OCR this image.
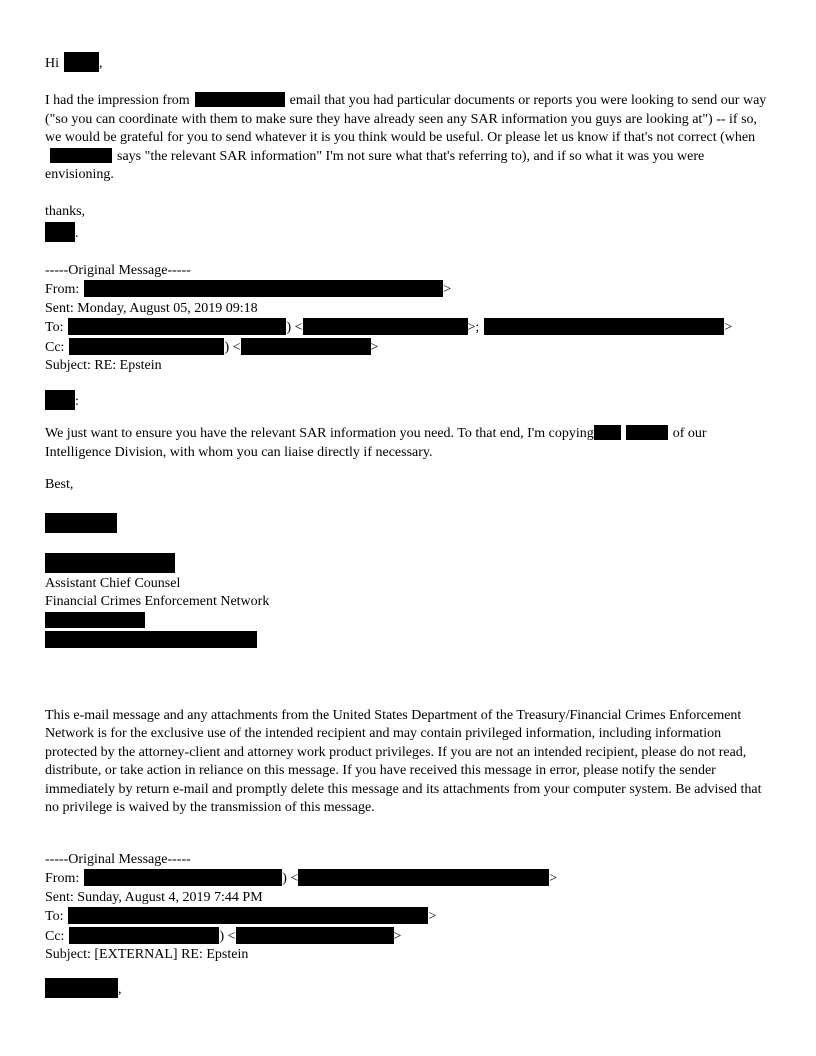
Hi	,

I had the impression from	email that you had particular documents or reports you were looking to send our way ("so you can coordinate with them to make sure they have already seen any SAR information you guys are looking at") -- if so, we would be grateful for you to send whatever it is you think would be useful. Or please let us know if that's not correct (whensays "the relevant SAR information" I'm not sure what that's referring to), and if so what it was you were envisioning.

thanks,
.
-----Original Message-----
From:	>
Sent: Monday, August 05, 2019 09:18
To:	) <	>;	>
Cc:	) <	>
Subject: RE: Epstein
:

We just want to ensure you have the relevant SAR information you need. To that end, I'm copying	of our Intelligence Division, with whom you can liaise directly if necessary.

Best,
Assistant Chief Counsel
Financial Crimes Enforcement Network

This e-mail message and any attachments from the United States Department of the Treasury/Financial Crimes Enforcement Network is for the exclusive use of the intended recipient and may contain privileged information, including information protected by the attorney-client and attorney work product privileges. If you are not an intended recipient, please do not read, distribute, or take action in reliance on this message. If you have received this message in error, please notify the sender immediately by return e-mail and promptly delete this message and its attachments from your computer system. Be advised that no privilege is waived by the transmission of this message.

-----Original Message-----
From:	) <	>
Sent: Sunday, August 4, 2019 7:44 PM
To:	>
Cc:	) <	>
Subject: [EXTERNAL] RE: Epstein
,
